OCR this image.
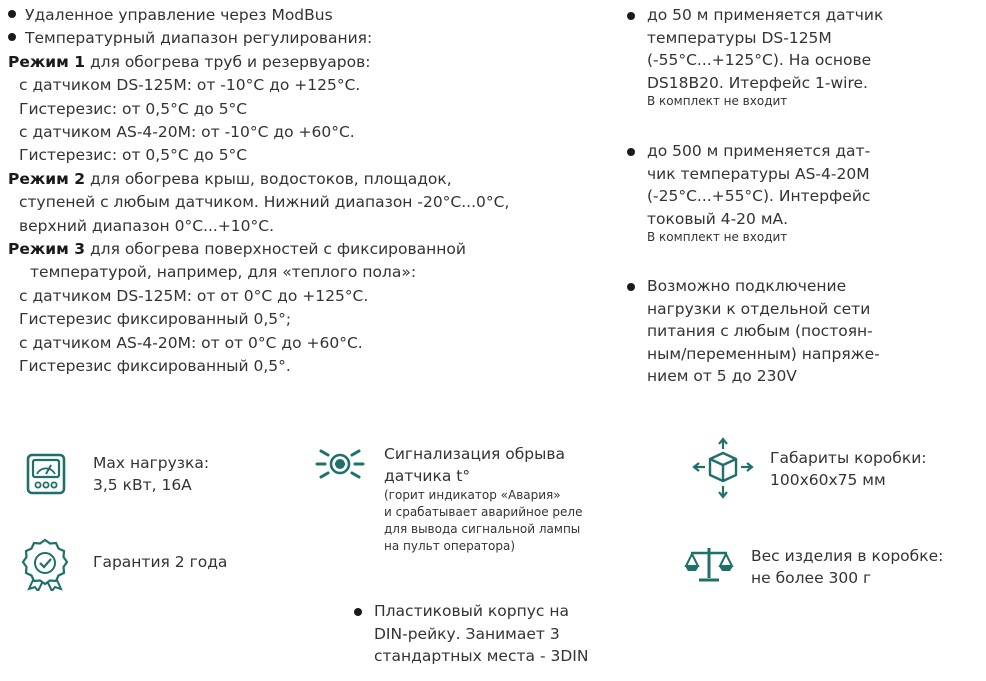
Удаленное управление через ModBus
Температурный диапазон регулирования:
Режим 1 для обогрева труб и резервуаров:
с датчиком DS-125M: от -10°С до +125°С.
Гистерезис: от 0,5°С до 5°С
с датчиком AS-4-20M: от -10°С до +60°С.
Гистерезис: от 0,5°С до 5°С
Режим 2 для обогрева крыш, водостоков, площадок,
ступеней с любым датчиком. Нижний диапазон -20°С...0°С,
верхний диапазон 0°С...+10°С.
Режим 3 для обогрева поверхностей с фиксированной
температурой, например, для «теплого пола»:
с датчиком DS-125M: от от 0°С до +125°С.
Гистерезис фиксированный 0,5°;
с датчиком AS-4-20M: от от 0°С до +60°С.
Гистерезис фиксированный 0,5°.
до 50 м применяется датчик
температуры DS-125M
(-55°С...+125°С). На основе
DS18B20. Итерфейс 1-wire.
В комплект не входит
до 500 м применяется дат-
чик температуры AS-4-20M
(-25°С...+55°С). Интерфейс
токовый 4-20 мА.
В комплект не входит
Возможно подключение
нагрузки к отдельной сети
питания с любым (постоян-
ным/переменным) напряже-
нием от 5 до 230V
Max нагрузка:
3,5 кВт, 16А
Гарантия 2 года
Сигнализация обрыва
датчика t°
(горит индикатор «Авария»
и срабатывает аварийное реле
для вывода сигнальной лампы
на пульт оператора)
Пластиковый корпус на
DIN-рейку. Занимает 3
стандартных места - 3DIN
Габариты коробки:
100х60х75 мм
Вес изделия в коробке:
не более 300 г
